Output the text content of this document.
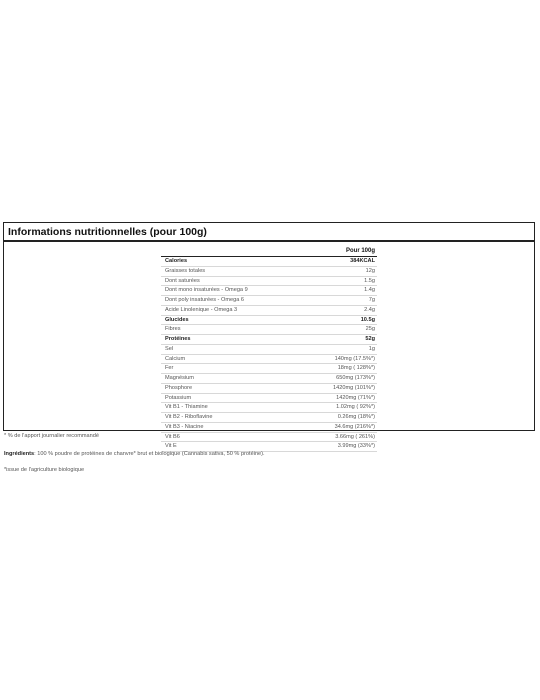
Informations nutritionnelles (pour 100g)
	Pour 100g
Calories	384KCAL
Graisses totales	12g
Dont saturées	1.5g
Dont mono insaturées - Omega 9	1.4g
Dont poly insaturées - Omega 6	7g
Acide Linolenique - Omega 3	2.4g
Glucides	10.5g
Fibres	25g
Protéines	52g
Sel	1g
Calcium	140mg (17.5%*)
Fer	18mg ( 128%*)
Magnésium	650mg (173%*)
Phosphore	1420mg (101%*)
Potassium	1420mg (71%*)
Vit B1 - Thiamine	1.02mg ( 92%*)
Vit B2 - Riboflavine	0.26mg (18%*)
Vit B3 - Niacine	34.6mg (216%*)
Vit B6	3.66mg ( 261%)
Vit E	3.99mg (33%*)

* % de l'apport journalier recommandé

Ingrédients: 100 % poudre de protéines de chanvre* brut et biologique (Cannabis sativa, 50 % protéine).

*issue de l'agriculture biologique
